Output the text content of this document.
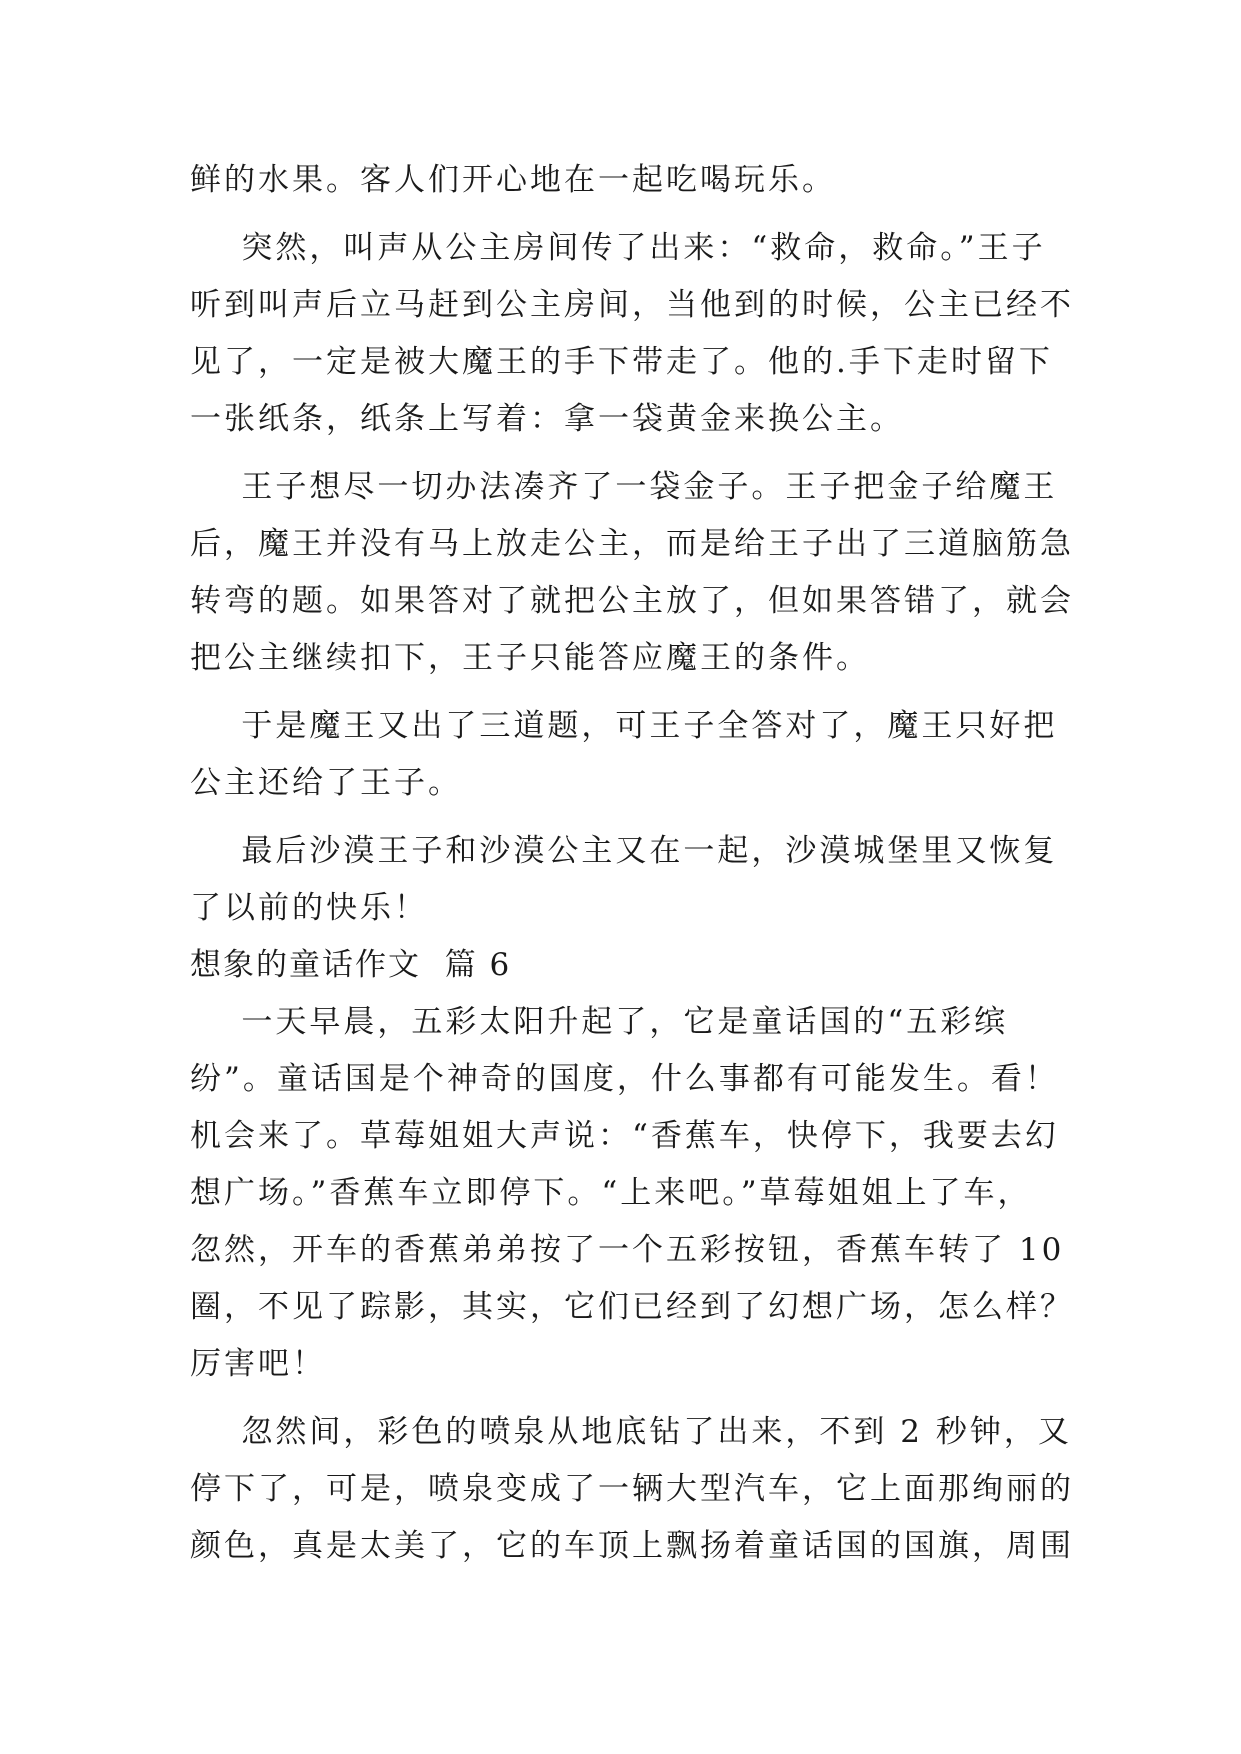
鲜的水果。客人们开心地在一起吃喝玩乐。
突然，叫声从公主房间传了出来：“救命，救命。”王子
听到叫声后立马赶到公主房间，当他到的时候，公主已经不
见了，一定是被大魔王的手下带走了。他的.手下走时留下
一张纸条，纸条上写着：拿一袋黄金来换公主。
王子想尽一切办法凑齐了一袋金子。王子把金子给魔王
后，魔王并没有马上放走公主，而是给王子出了三道脑筋急
转弯的题。如果答对了就把公主放了，但如果答错了，就会
把公主继续扣下，王子只能答应魔王的条件。
于是魔王又出了三道题，可王子全答对了，魔王只好把
公主还给了王子。
最后沙漠王子和沙漠公主又在一起，沙漠城堡里又恢复
了以前的快乐！
想象的童话作文  篇 6
一天早晨，五彩太阳升起了，它是童话国的“五彩缤
纷”。童话国是个神奇的国度，什么事都有可能发生。看！
机会来了。草莓姐姐大声说：“香蕉车，快停下，我要去幻
想广场。”香蕉车立即停下。“上来吧。”草莓姐姐上了车，
忽然，开车的香蕉弟弟按了一个五彩按钮，香蕉车转了 10
圈，不见了踪影，其实，它们已经到了幻想广场，怎么样？
厉害吧！
忽然间，彩色的喷泉从地底钻了出来，不到 2 秒钟，又
停下了，可是，喷泉变成了一辆大型汽车，它上面那绚丽的
颜色，真是太美了，它的车顶上飘扬着童话国的国旗，周围
